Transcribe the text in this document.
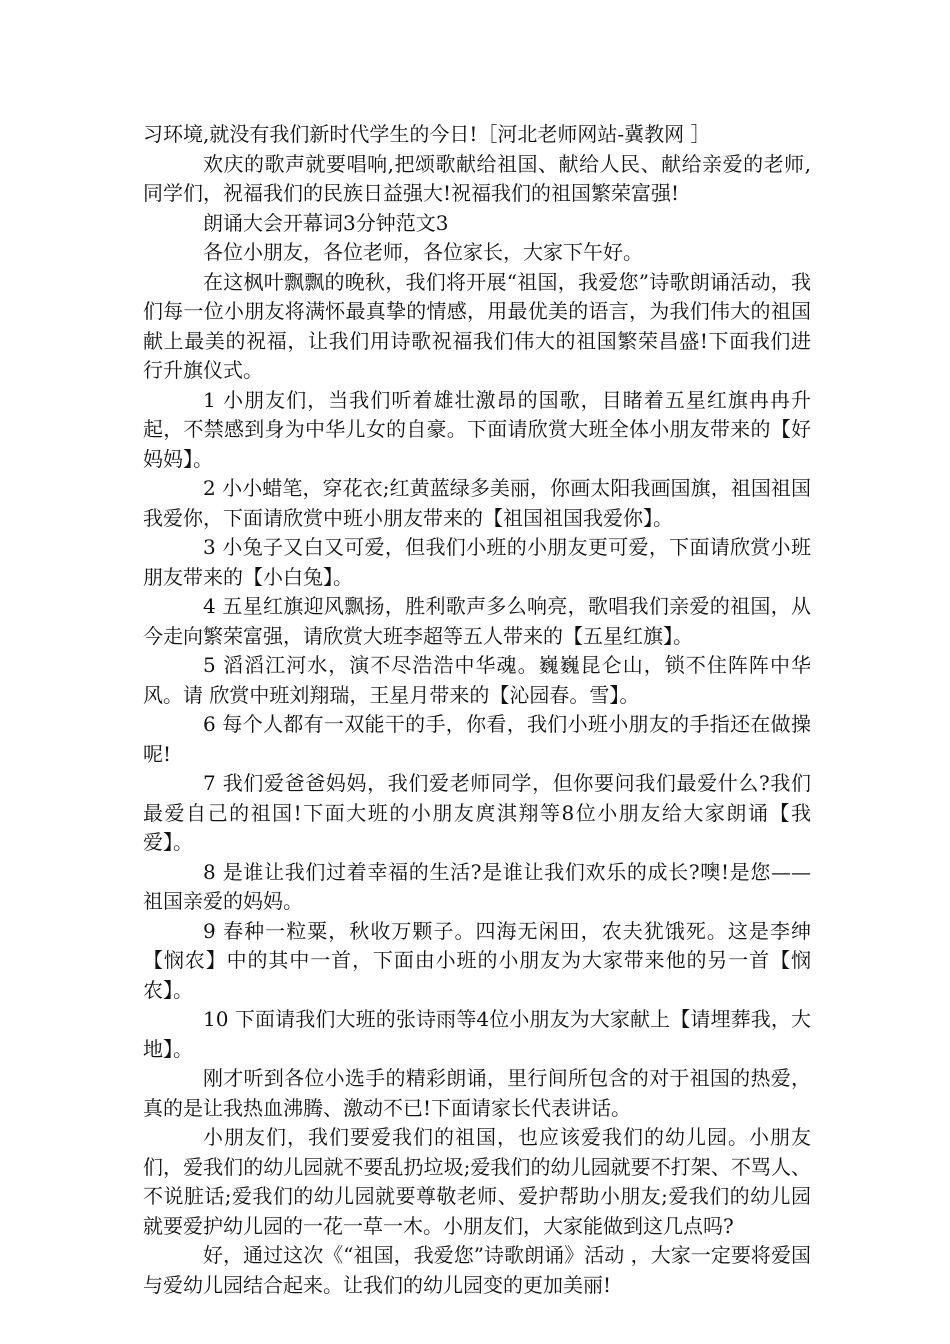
习环境,就没有我们新时代学生的今日!［河北老师网站-冀教网 ］

欢庆的歌声就要唱响,把颂歌献给祖国、献给人民、献给亲爱的老师,同学们，祝福我们的民族日益强大!祝福我们的祖国繁荣富强!

朗诵大会开幕词3分钟范文3

各位小朋友，各位老师，各位家长，大家下午好。

在这枫叶飘飘的晚秋，我们将开展“祖国，我爱您”诗歌朗诵活动，我们每一位小朋友将满怀最真挚的情感，用最优美的语言，为我们伟大的祖国献上最美的祝福，让我们用诗歌祝福我们伟大的祖国繁荣昌盛!下面我们进行升旗仪式。

1 小朋友们，当我们听着雄壮激昂的国歌，目睹着五星红旗冉冉升起，不禁感到身为中华儿女的自豪。下面请欣赏大班全体小朋友带来的【好妈妈】。

2 小小蜡笔，穿花衣;红黄蓝绿多美丽，你画太阳我画国旗，祖国祖国我爱你，下面请欣赏中班小朋友带来的【祖国祖国我爱你】。

3 小兔子又白又可爱，但我们小班的小朋友更可爱，下面请欣赏小班朋友带来的【小白兔】。

4 五星红旗迎风飘扬，胜利歌声多么响亮，歌唱我们亲爱的祖国，从今走向繁荣富强，请欣赏大班李超等五人带来的【五星红旗】。

5 滔滔江河水，演不尽浩浩中华魂。巍巍昆仑山，锁不住阵阵中华风。请 欣赏中班刘翔瑞，王星月带来的【沁园春。雪】。

6 每个人都有一双能干的手，你看，我们小班小朋友的手指还在做操呢!

7 我们爱爸爸妈妈，我们爱老师同学，但你要问我们最爱什么?我们最爱自己的祖国!下面大班的小朋友庹淇翔等8位小朋友给大家朗诵【我爱】。

8 是谁让我们过着幸福的生活?是谁让我们欢乐的成长?噢!是您——祖国亲爱的妈妈。

9 春种一粒粟，秋收万颗子。四海无闲田，农夫犹饿死。这是李绅【悯农】中的其中一首，下面由小班的小朋友为大家带来他的另一首【悯农】。

10 下面请我们大班的张诗雨等4位小朋友为大家献上【请埋葬我，大地】。

刚才听到各位小选手的精彩朗诵，里行间所包含的对于祖国的热爱，真的是让我热血沸腾、激动不已!下面请家长代表讲话。

小朋友们，我们要爱我们的祖国，也应该爱我们的幼儿园。小朋友们，爱我们的幼儿园就不要乱扔垃圾;爱我们的幼儿园就要不打架、不骂人、不说脏话;爱我们的幼儿园就要尊敬老师、爱护帮助小朋友;爱我们的幼儿园就要爱护幼儿园的一花一草一木。小朋友们，大家能做到这几点吗?

好，通过这次《“祖国，我爱您”诗歌朗诵》活动 ，大家一定要将爱国与爱幼儿园结合起来。让我们的幼儿园变的更加美丽!
